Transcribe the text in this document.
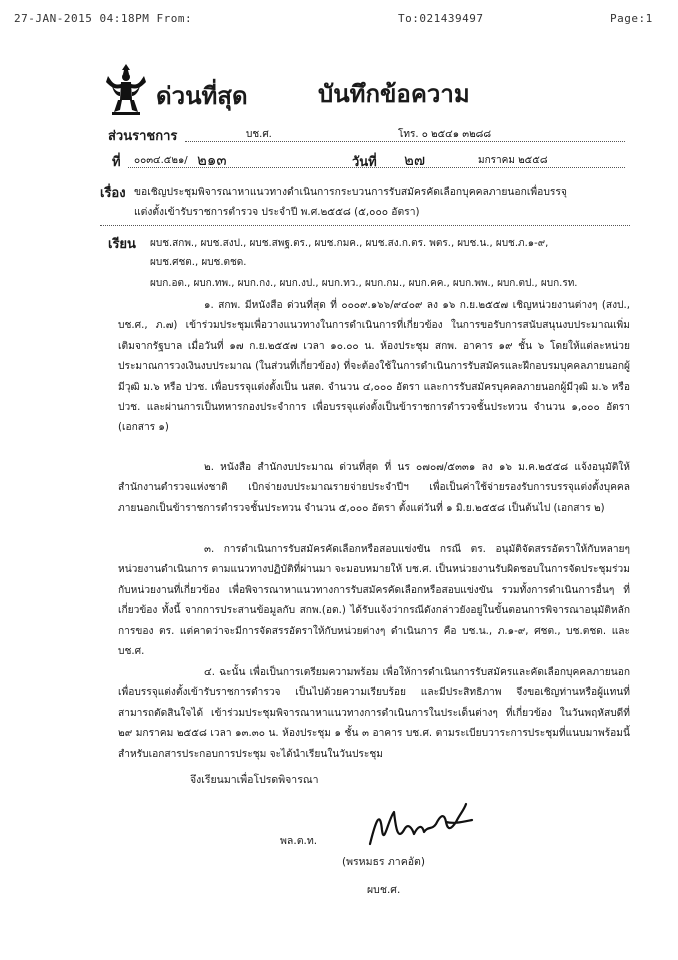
27-JAN-2015 04:18PM From:	To:021439497	Page:1
ด่วนที่สุด	บันทึกข้อความ
ส่วนราชการ	บช.ศ.	โทร. ๐ ๒๕๔๑ ๓๒๘๘
ที่ ๐๐๓๔.๕๒๑/ ๒๑๓	วันที่ ๒๗	มกราคม ๒๕๕๘
เรื่อง ขอเชิญประชุมพิจารณาหาแนวทางดำเนินการกระบวนการรับสมัครคัดเลือกบุคคลภายนอกเพื่อบรรจุ
แต่งตั้งเข้ารับราชการตำรวจ ประจำปี พ.ศ.๒๕๕๘ (๕,๐๐๐ อัตรา)
เรียน ผบช.สกพ., ผบช.สงป., ผบช.สพฐ.ตร., ผบช.กมค., ผบช.สง.ก.ตร. พตร., ผบช.น., ผบช.ภ.๑-๙,
ผบช.ศชต., ผบช.ตชด.
ผบก.อต., ผบก.ทพ., ผบก.กง., ผบก.งป., ผบก.ทว., ผบก.กม., ผบก.คค., ผบก.พพ., ผบก.ตป., ผบก.รท.

๑. สกพ. มีหนังสือ ด่วนที่สุด ที่ ๐๐๐๙.๑๖๖/๙๔๐๙ ลง ๑๖ ก.ย.๒๕๕๗ เชิญหน่วยงานต่างๆ (สงป., บช.ศ., ภ.๗) เข้าร่วมประชุมเพื่อวางแนวทางในการดำเนินการที่เกี่ยวข้อง ในการขอรับการสนับสนุนงบประมาณเพิ่มเติมจากรัฐบาล เมื่อวันที่ ๑๗ ก.ย.๒๕๕๗ เวลา ๑๐.๐๐ น. ห้องประชุม สกพ. อาคาร ๑๙ ชั้น ๖ โดยให้แต่ละหน่วยประมาณการวงเงินงบประมาณ (ในส่วนที่เกี่ยวข้อง) ที่จะต้องใช้ในการดำเนินการรับสมัครและฝึกอบรมบุคคลภายนอกผู้มีวุฒิ ม.๖ หรือ ปวช. เพื่อบรรจุแต่งตั้งเป็น นสต. จำนวน ๔,๐๐๐ อัตรา และการรับสมัครบุคคลภายนอกผู้มีวุฒิ ม.๖ หรือ ปวช. และผ่านการเป็นทหารกองประจำการ เพื่อบรรจุแต่งตั้งเป็นข้าราชการตำรวจชั้นประทวน จำนวน ๑,๐๐๐ อัตรา (เอกสาร ๑)

๒. หนังสือ สำนักงบประมาณ ด่วนที่สุด ที่ นร ๐๗๐๗/๕๓๓๑ ลง ๑๖ ม.ค.๒๕๕๘ แจ้งอนุมัติให้สำนักงานตำรวจแห่งชาติ เบิกจ่ายงบประมาณรายจ่ายประจำปีฯ เพื่อเป็นค่าใช้จ่ายรองรับการบรรจุแต่งตั้งบุคคลภายนอกเป็นข้าราชการตำรวจชั้นประทวน จำนวน ๕,๐๐๐ อัตรา ตั้งแต่วันที่ ๑ มิ.ย.๒๕๕๘ เป็นต้นไป (เอกสาร ๒)

๓. การดำเนินการรับสมัครคัดเลือกหรือสอบแข่งขัน กรณี ตร. อนุมัติจัดสรรอัตราให้กับหลายๆ หน่วยงานดำเนินการ ตามแนวทางปฏิบัติที่ผ่านมา จะมอบหมายให้ บช.ศ. เป็นหน่วยงานรับผิดชอบในการจัดประชุมร่วมกับหน่วยงานที่เกี่ยวข้อง เพื่อพิจารณาหาแนวทางการรับสมัครคัดเลือกหรือสอบแข่งขัน รวมทั้งการดำเนินการอื่นๆ ที่เกี่ยวข้อง ทั้งนี้ จากการประสานข้อมูลกับ สกพ.(อต.) ได้รับแจ้งว่ากรณีดังกล่าวยังอยู่ในขั้นตอนการพิจารณาอนุมัติหลักการของ ตร. แต่คาดว่าจะมีการจัดสรรอัตราให้กับหน่วยต่างๆ ดำเนินการ คือ บช.น., ภ.๑-๙, ศชต., บช.ตชด. และ บช.ศ.

๔. ฉะนั้น เพื่อเป็นการเตรียมความพร้อม เพื่อให้การดำเนินการรับสมัครและคัดเลือกบุคคลภายนอกเพื่อบรรจุแต่งตั้งเข้ารับราชการตำรวจ เป็นไปด้วยความเรียบร้อย และมีประสิทธิภาพ จึงขอเชิญท่านหรือผู้แทนที่สามารถตัดสินใจได้ เข้าร่วมประชุมพิจารณาหาแนวทางการดำเนินการในประเด็นต่างๆ ที่เกี่ยวข้อง ในวันพฤหัสบดีที่ ๒๙ มกราคม ๒๕๕๘ เวลา ๑๓.๓๐ น. ห้องประชุม ๑ ชั้น ๓ อาคาร บช.ศ. ตามระเบียบวาระการประชุมที่แนบมาพร้อมนี้ สำหรับเอกสารประกอบการประชุม จะได้นำเรียนในวันประชุม

จึงเรียนมาเพื่อโปรดพิจารณา
พล.ต.ท.
(พรหมธร ภาคอัต)
ผบช.ศ.
